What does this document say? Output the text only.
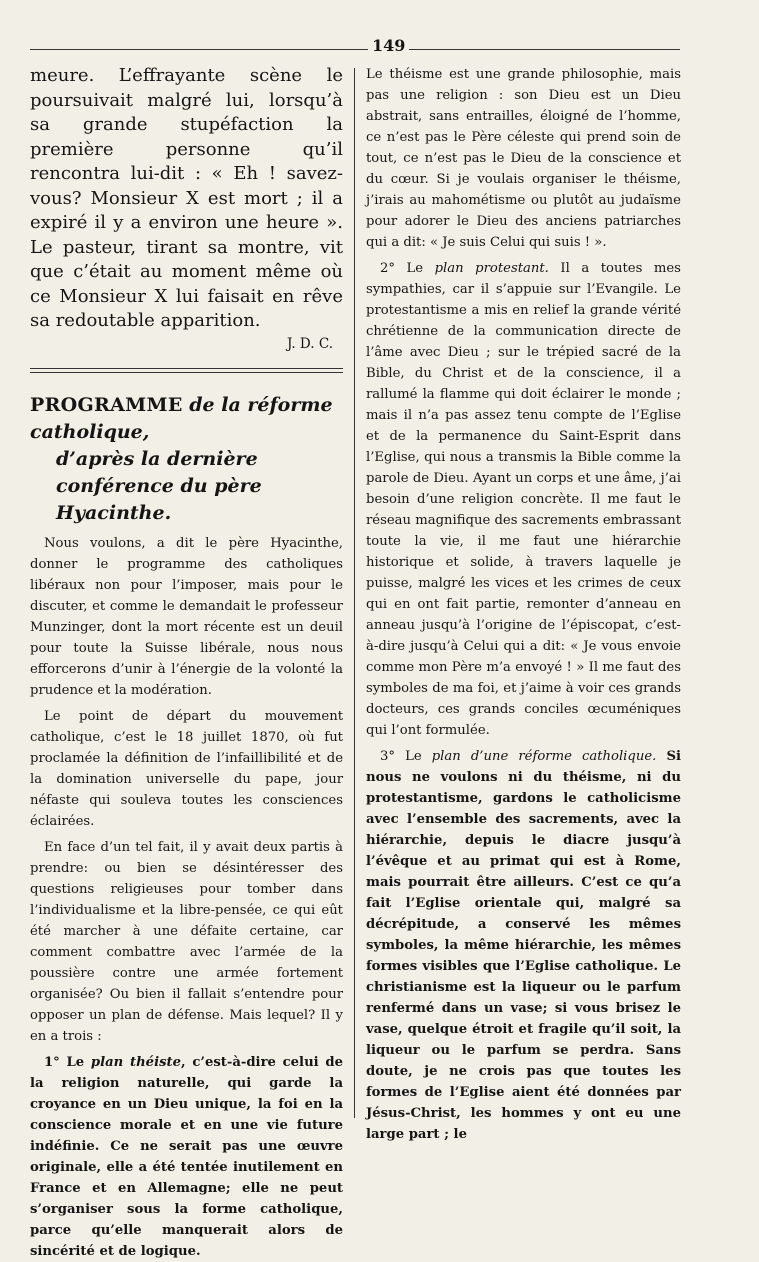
149

meure. L’effrayante scène le poursuivait malgré lui, lorsqu’à sa grande stupéfaction la première personne qu’il rencontra lui-dit : « Eh ! savez-vous? Monsieur X est mort ; il a expiré il y a environ une heure ». Le pasteur, tirant sa montre, vit que c’était au moment même où ce Monsieur X lui faisait en rêve sa redoutable apparition.

J. D. C.

PROGRAMME de la réforme catholique,
d’après la dernière conférence du père Hyacinthe.

Nous voulons, a dit le père Hyacinthe, donner le programme des catholiques libéraux non pour l’imposer, mais pour le discuter, et comme le demandait le professeur Munzinger, dont la mort récente est un deuil pour toute la Suisse libérale, nous nous efforcerons d’unir à l’énergie de la volonté la prudence et la modération.

Le point de départ du mouvement catholique, c’est le 18 juillet 1870, où fut proclamée la définition de l’infaillibilité et de la domination universelle du pape, jour néfaste qui souleva toutes les consciences éclairées.

En face d’un tel fait, il y avait deux partis à prendre: ou bien se désintéresser des questions religieuses pour tomber dans l’individualisme et la libre-pensée, ce qui eût été marcher à une défaite certaine, car comment combattre avec l’armée de la poussière contre une armée fortement organisée? Ou bien il fallait s’entendre pour opposer un plan de défense. Mais lequel? Il y en a trois :

1° Le plan théiste, c’est-à-dire celui de la religion naturelle, qui garde la croyance en un Dieu unique, la foi en la conscience morale et en une vie future indéfinie. Ce ne serait pas une œuvre originale, elle a été tentée inutilement en France et en Allemagne; elle ne peut s’organiser sous la forme catholique, parce qu’elle manquerait alors de sincérité et de logique.

Le théisme est une grande philosophie, mais pas une religion : son Dieu est un Dieu abstrait, sans entrailles, éloigné de l’homme, ce n’est pas le Père céleste qui prend soin de tout, ce n’est pas le Dieu de la conscience et du cœur. Si je voulais organiser le théisme, j’irais au mahométisme ou plutôt au judaïsme pour adorer le Dieu des anciens patriarches qui a dit: « Je suis Celui qui suis ! ».

2° Le plan protestant. Il a toutes mes sympathies, car il s’appuie sur l’Evangile. Le protestantisme a mis en relief la grande vérité chrétienne de la communication directe de l’âme avec Dieu ; sur le trépied sacré de la Bible, du Christ et de la conscience, il a rallumé la flamme qui doit éclairer le monde ; mais il n’a pas assez tenu compte de l’Eglise et de la permanence du Saint-Esprit dans l’Eglise, qui nous a transmis la Bible comme la parole de Dieu. Ayant un corps et une âme, j’ai besoin d’une religion concrète. Il me faut le réseau magnifique des sacrements embrassant toute la vie, il me faut une hiérarchie historique et solide, à travers laquelle je puisse, malgré les vices et les crimes de ceux qui en ont fait partie, remonter d’anneau en anneau jusqu’à l’origine de l’épiscopat, c’est-à-dire jusqu’à Celui qui a dit: « Je vous envoie comme mon Père m’a envoyé ! » Il me faut des symboles de ma foi, et j’aime à voir ces grands docteurs, ces grands conciles œcuméniques qui l’ont formulée.

3° Le plan d’une réforme catholique. Si nous ne voulons ni du théisme, ni du protestantisme, gardons le catholicisme avec l’ensemble des sacrements, avec la hiérarchie, depuis le diacre jusqu’à l’évêque et au primat qui est à Rome, mais pourrait être ailleurs. C’est ce qu’a fait l’Eglise orientale qui, malgré sa décrépitude, a conservé les mêmes symboles, la même hiérarchie, les mêmes formes visibles que l’Eglise catholique. Le christianisme est la liqueur ou le parfum renfermé dans un vase; si vous brisez le vase, quelque étroit et fragile qu’il soit, la liqueur ou le parfum se perdra. Sans doute, je ne crois pas que toutes les formes de l’Eglise aient été données par Jésus-Christ, les hommes y ont eu une large part ; le
